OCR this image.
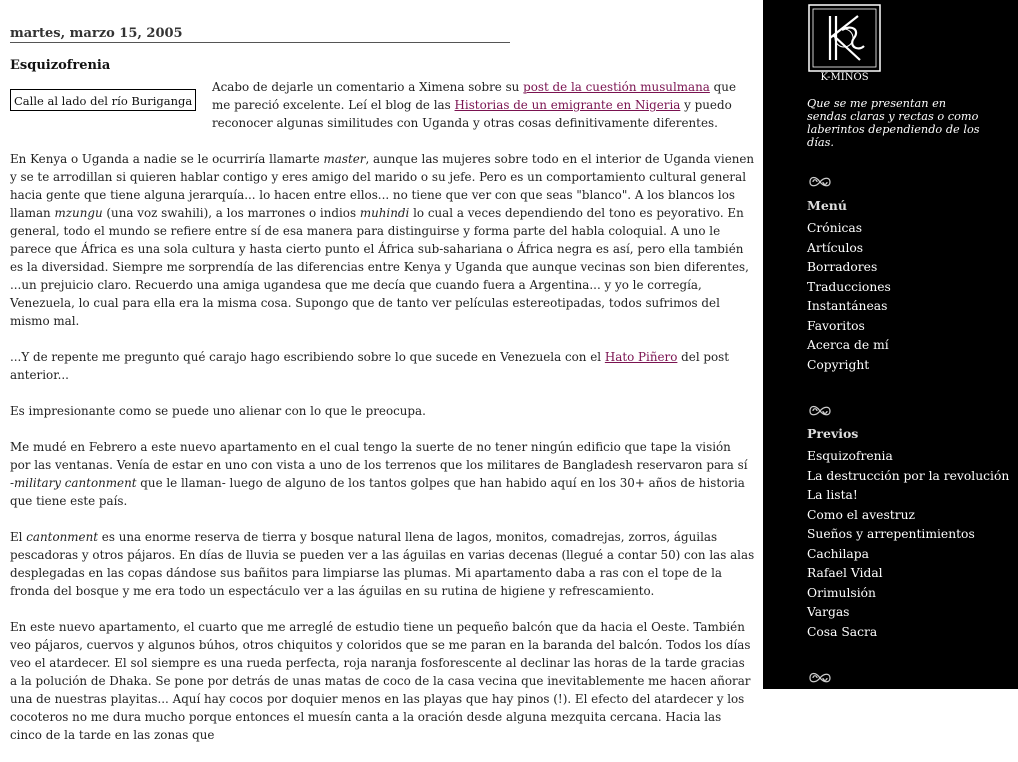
martes, marzo 15, 2005
Esquizofrenia

Acabo de dejarle un comentario a Ximena sobre su post de la cuestión musulmana que me pareció excelente. Leí el blog de las Historias de un emigrante en Nigeria y puedo reconocer algunas similitudes con Uganda y otras cosas definitivamente diferentes.

En Kenya o Uganda a nadie se le ocurriría llamarte master, aunque las mujeres sobre todo en el interior de Uganda vienen y se te arrodillan si quieren hablar contigo y eres amigo del marido o su jefe. Pero es un comportamiento cultural general hacia gente que tiene alguna jerarquía... lo hacen entre ellos... no tiene que ver con que seas "blanco". A los blancos los llaman mzungu (una voz swahili), a los marrones o indios muhindi lo cual a veces dependiendo del tono es peyorativo. En general, todo el mundo se refiere entre sí de esa manera para distinguirse y forma parte del habla coloquial. A uno le parece que África es una sola cultura y hasta cierto punto el África sub-sahariana o África negra es así, pero ella también es la diversidad. Siempre me sorprendía de las diferencias entre Kenya y Uganda que aunque vecinas son bien diferentes, ...un prejuicio claro. Recuerdo una amiga ugandesa que me decía que cuando fuera a Argentina... y yo le corregía, Venezuela, lo cual para ella era la misma cosa. Supongo que de tanto ver películas estereotipadas, todos sufrimos del mismo mal.

...Y de repente me pregunto qué carajo hago escribiendo sobre lo que sucede en Venezuela con el Hato Piñero del post anterior...

Es impresionante como se puede uno alienar con lo que le preocupa.

Me mudé en Febrero a este nuevo apartamento en el cual tengo la suerte de no tener ningún edificio que tape la visión por las ventanas. Venía de estar en uno con vista a uno de los terrenos que los militares de Bangladesh reservaron para sí -military cantonment que le llaman- luego de alguno de los tantos golpes que han habido aquí en los 30+ años de historia que tiene este país.

El cantonment es una enorme reserva de tierra y bosque natural llena de lagos, monitos, comadrejas, zorros, águilas pescadoras y otros pájaros. En días de lluvia se pueden ver a las águilas en varias decenas (llegué a contar 50) con las alas desplegadas en las copas dándose sus bañitos para limpiarse las plumas. Mi apartamento daba a ras con el tope de la fronda del bosque y me era todo un espectáculo ver a las águilas en su rutina de higiene y refrescamiento.

En este nuevo apartamento, el cuarto que me arreglé de estudio tiene un pequeño balcón que da hacia el Oeste. También veo pájaros, cuervos y algunos búhos, otros chiquitos y coloridos que se me paran en la baranda del balcón. Todos los días veo el atardecer. El sol siempre es una rueda perfecta, roja naranja fosforescente al declinar las horas de la tarde gracias a la polución de Dhaka. Se pone por detrás de unas matas de coco de la casa vecina que inevitablemente me hacen añorar una de nuestras playitas... Aquí hay cocos por doquier menos en las playas que hay pinos (!). El efecto del atardecer y los cocoteros no me dura mucho porque entonces el muesín canta a la oración desde alguna mezquita cercana. Hacia las cinco de la tarde en las zonas que

Calle al lado del río Buriganga
K-MINOS
Que se me presentan en sendas claras y rectas o como laberintos dependiendo de los días.
Menú
Crónicas
Artículos
Borradores
Traducciones
Instantáneas
Favoritos
Acerca de mí
Copyright
Previos
Esquizofrenia
La destrucción por la revolución
La lista!
Como el avestruz
Sueños y arrepentimientos
Cachilapa
Rafael Vidal
Orimulsión
Vargas
Cosa Sacra
